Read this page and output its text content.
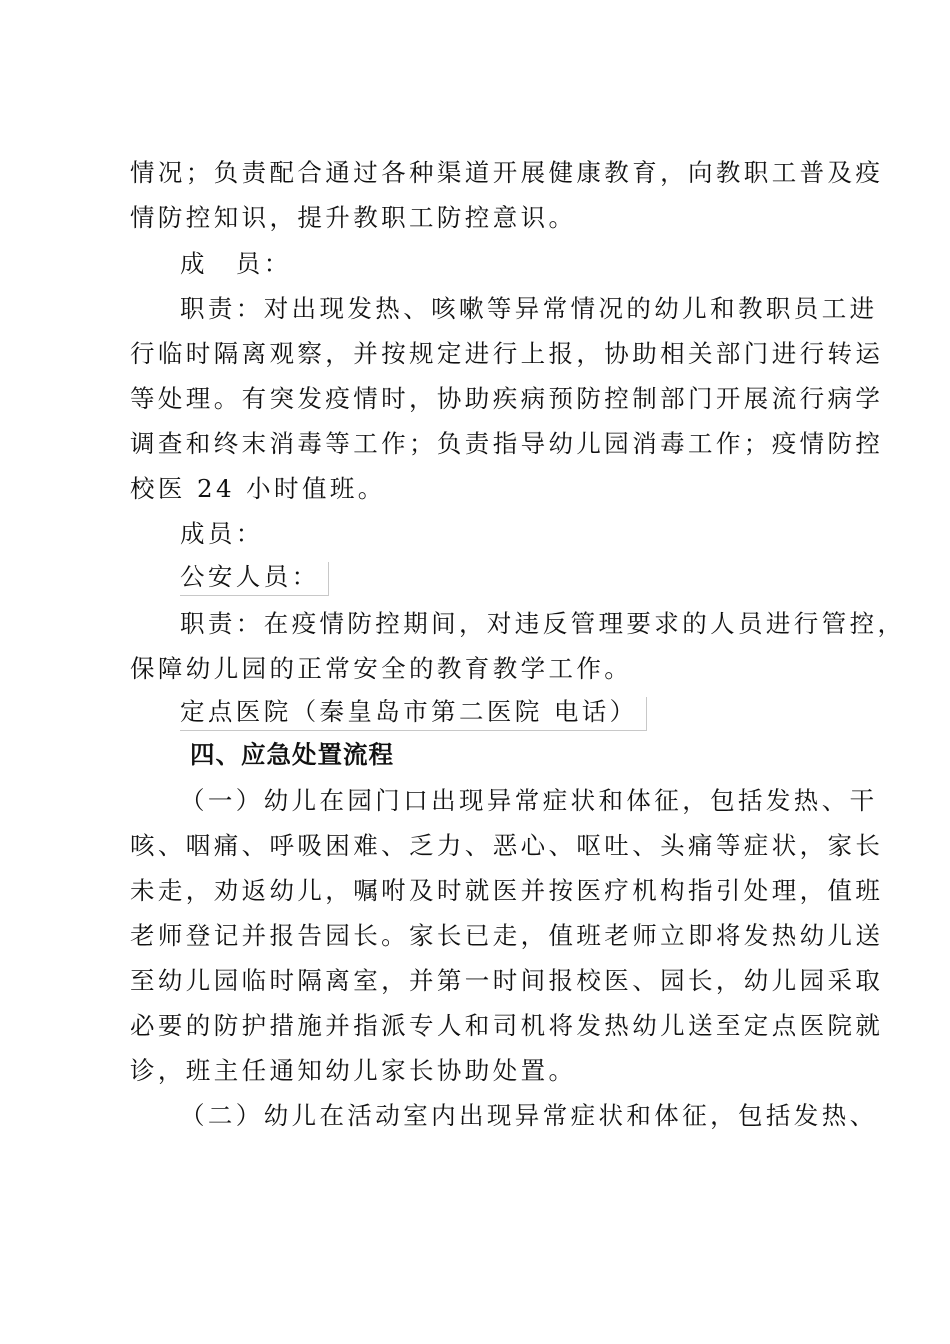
情况；负责配合通过各种渠道开展健康教育，向教职工普及疫
情防控知识，提升教职工防控意识。
成　员：
职责：对出现发热、咳嗽等异常情况的幼儿和教职员工进
行临时隔离观察，并按规定进行上报，协助相关部门进行转运
等处理。有突发疫情时，协助疾病预防控制部门开展流行病学
调查和终末消毒等工作；负责指导幼儿园消毒工作；疫情防控
校医 24 小时值班。
成员：
公安人员：
职责：在疫情防控期间，对违反管理要求的人员进行管控，
保障幼儿园的正常安全的教育教学工作。
定点医院（秦皇岛市第二医院 电话）
四、应急处置流程
（一）幼儿在园门口出现异常症状和体征，包括发热、干
咳、咽痛、呼吸困难、乏力、恶心、呕吐、头痛等症状，家长
未走，劝返幼儿，嘱咐及时就医并按医疗机构指引处理，值班
老师登记并报告园长。家长已走，值班老师立即将发热幼儿送
至幼儿园临时隔离室，并第一时间报校医、园长，幼儿园采取
必要的防护措施并指派专人和司机将发热幼儿送至定点医院就
诊，班主任通知幼儿家长协助处置。
（二）幼儿在活动室内出现异常症状和体征，包括发热、
